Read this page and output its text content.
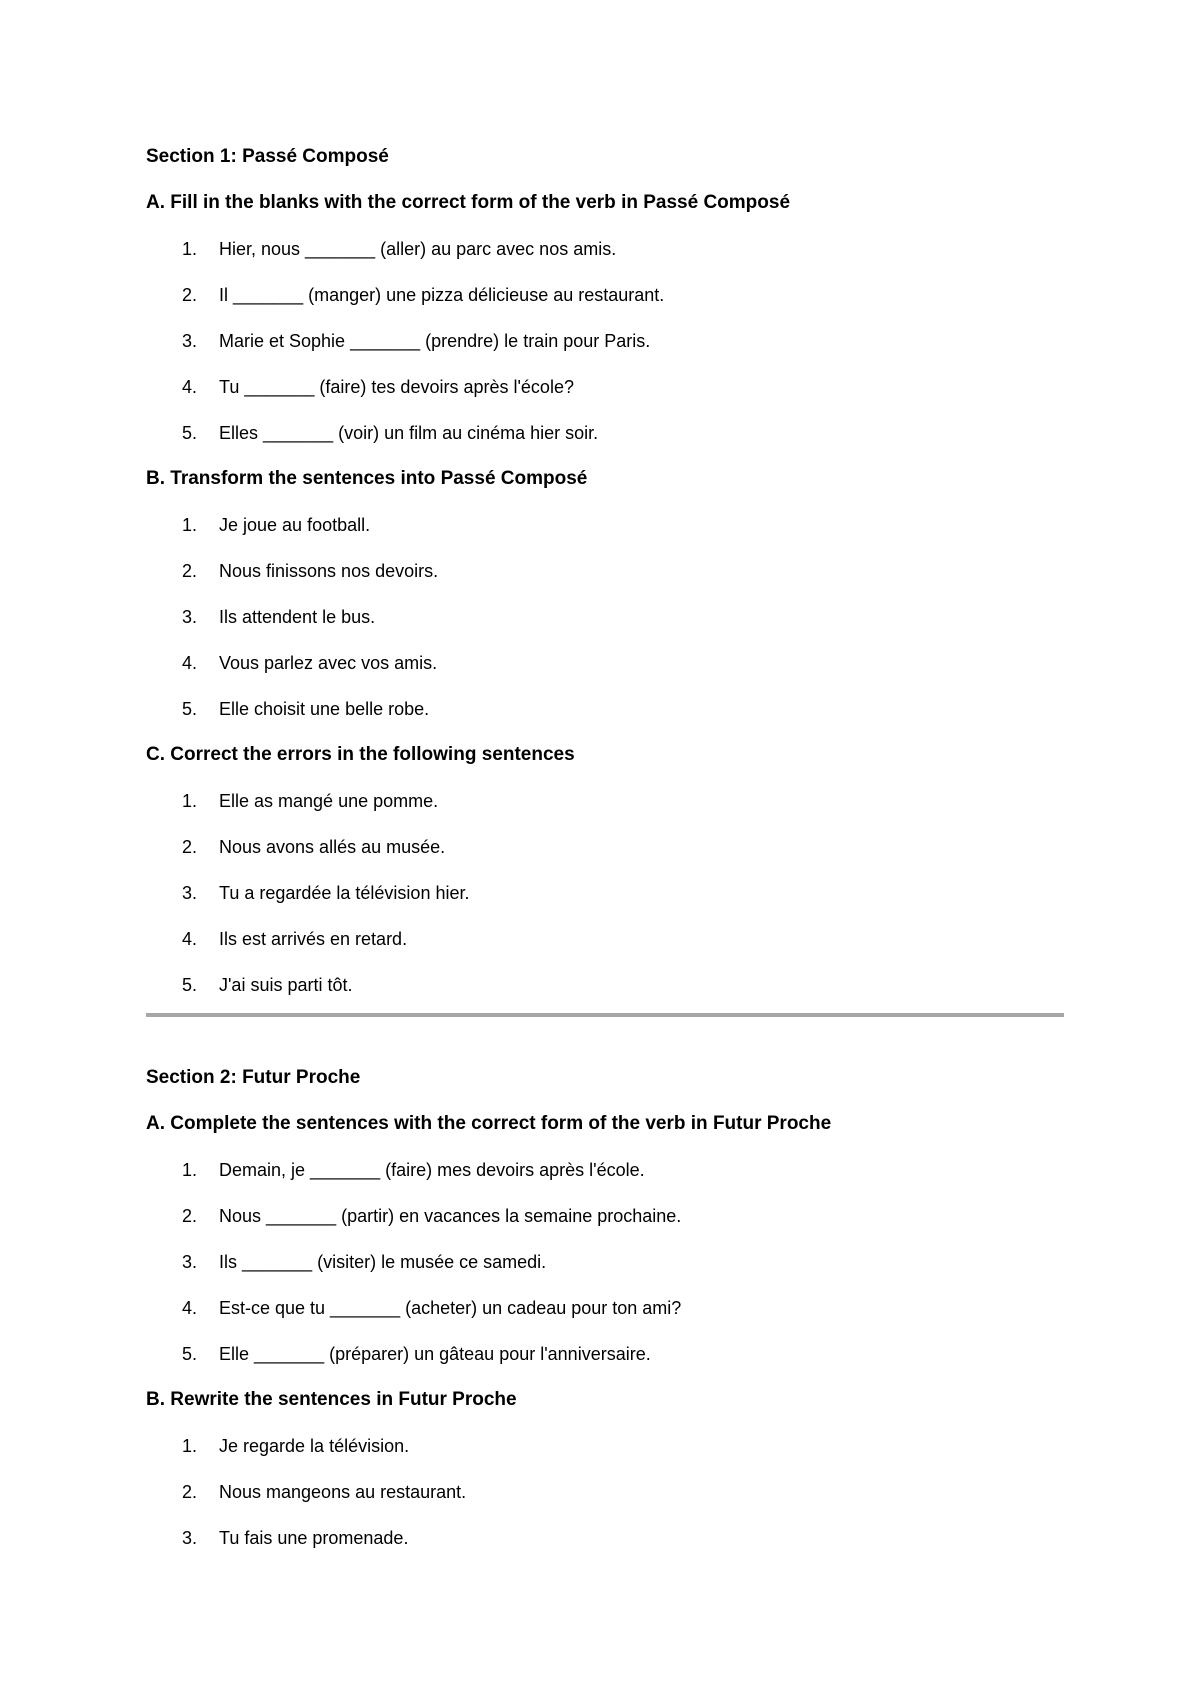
Section 1: Passé Composé
A. Fill in the blanks with the correct form of the verb in Passé Composé
1. Hier, nous _______ (aller) au parc avec nos amis.
2. Il _______ (manger) une pizza délicieuse au restaurant.
3. Marie et Sophie _______ (prendre) le train pour Paris.
4. Tu _______ (faire) tes devoirs après l'école?
5. Elles _______ (voir) un film au cinéma hier soir.
B. Transform the sentences into Passé Composé
1. Je joue au football.
2. Nous finissons nos devoirs.
3. Ils attendent le bus.
4. Vous parlez avec vos amis.
5. Elle choisit une belle robe.
C. Correct the errors in the following sentences
1. Elle as mangé une pomme.
2. Nous avons allés au musée.
3. Tu a regardée la télévision hier.
4. Ils est arrivés en retard.
5. J'ai suis parti tôt.
Section 2: Futur Proche
A. Complete the sentences with the correct form of the verb in Futur Proche
1. Demain, je _______ (faire) mes devoirs après l'école.
2. Nous _______ (partir) en vacances la semaine prochaine.
3. Ils _______ (visiter) le musée ce samedi.
4. Est-ce que tu _______ (acheter) un cadeau pour ton ami?
5. Elle _______ (préparer) un gâteau pour l'anniversaire.
B. Rewrite the sentences in Futur Proche
1. Je regarde la télévision.
2. Nous mangeons au restaurant.
3. Tu fais une promenade.
